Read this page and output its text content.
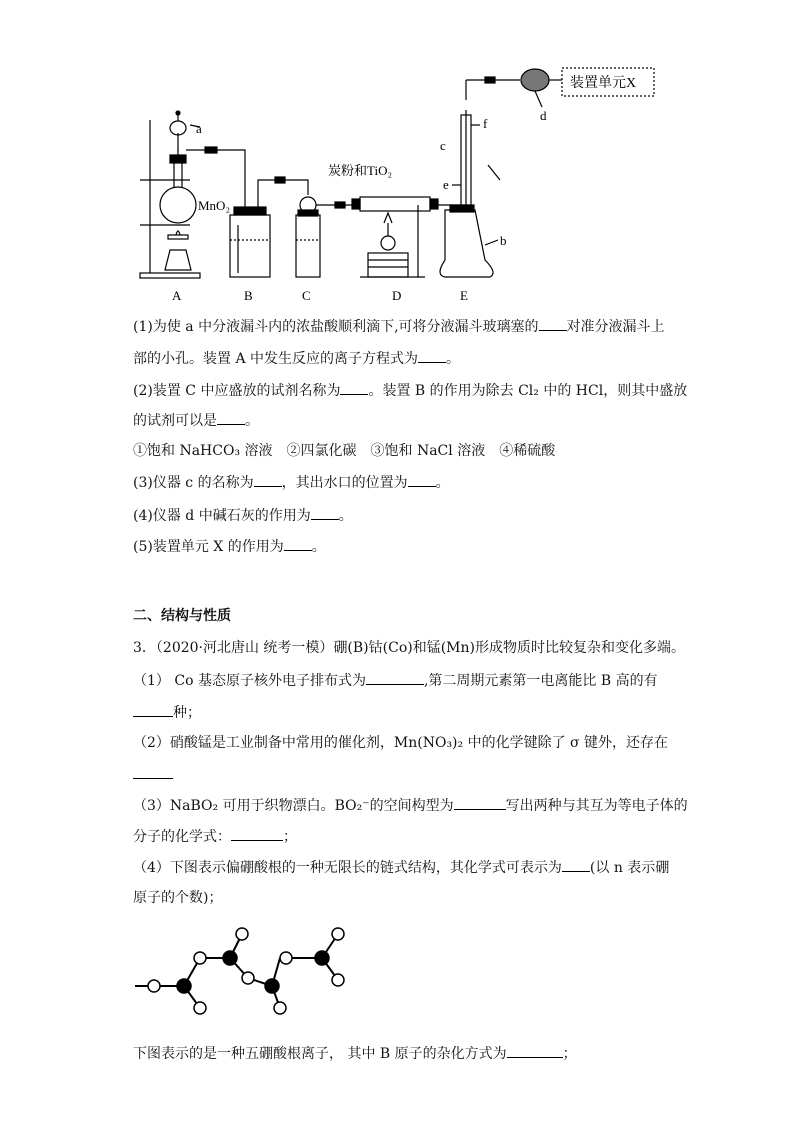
a
MnO₂
炭粉和TiO₂
c
f
e
b
d
装置单元X
A	B	C	D	E
(1)为使 a 中分液漏斗内的浓盐酸顺利滴下,可将分液漏斗玻璃塞的 对准分液漏斗上
部的小孔。装置 A 中发生反应的离子方程式为 。
(2)装置 C 中应盛放的试剂名称为 。装置 B 的作用为除去 Cl₂ 中的 HCl，则其中盛放
的试剂可以是 。
①饱和 NaHCO₃ 溶液　②四氯化碳　③饱和 NaCl 溶液　④稀硫酸
(3)仪器 c 的名称为 ，其出水口的位置为 。
(4)仪器 d 中碱石灰的作用为 。
(5)装置单元 X 的作用为 。
二、结构与性质
3．（2020·河北唐山 统考一模）硼(B)钴(Co)和锰(Mn)形成物质时比较复杂和变化多端。
（1） Co 基态原子核外电子排布式为	,第二周期元素第一电离能比 B 高的有
种；
（2）硝酸锰是工业制备中常用的催化剂，Mn(NO₃)₂ 中的化学键除了 σ 键外，还存在
（3）NaBO₂ 可用于织物漂白。BO₂⁻的空间构型为	写出两种与其互为等电子体的
分子的化学式：	；
（4）下图表示偏硼酸根的一种无限长的链式结构，其化学式可表示为 (以 n 表示硼
原子的个数)；
下图表示的是一种五硼酸根离子， 其中 B 原子的杂化方式为	；
